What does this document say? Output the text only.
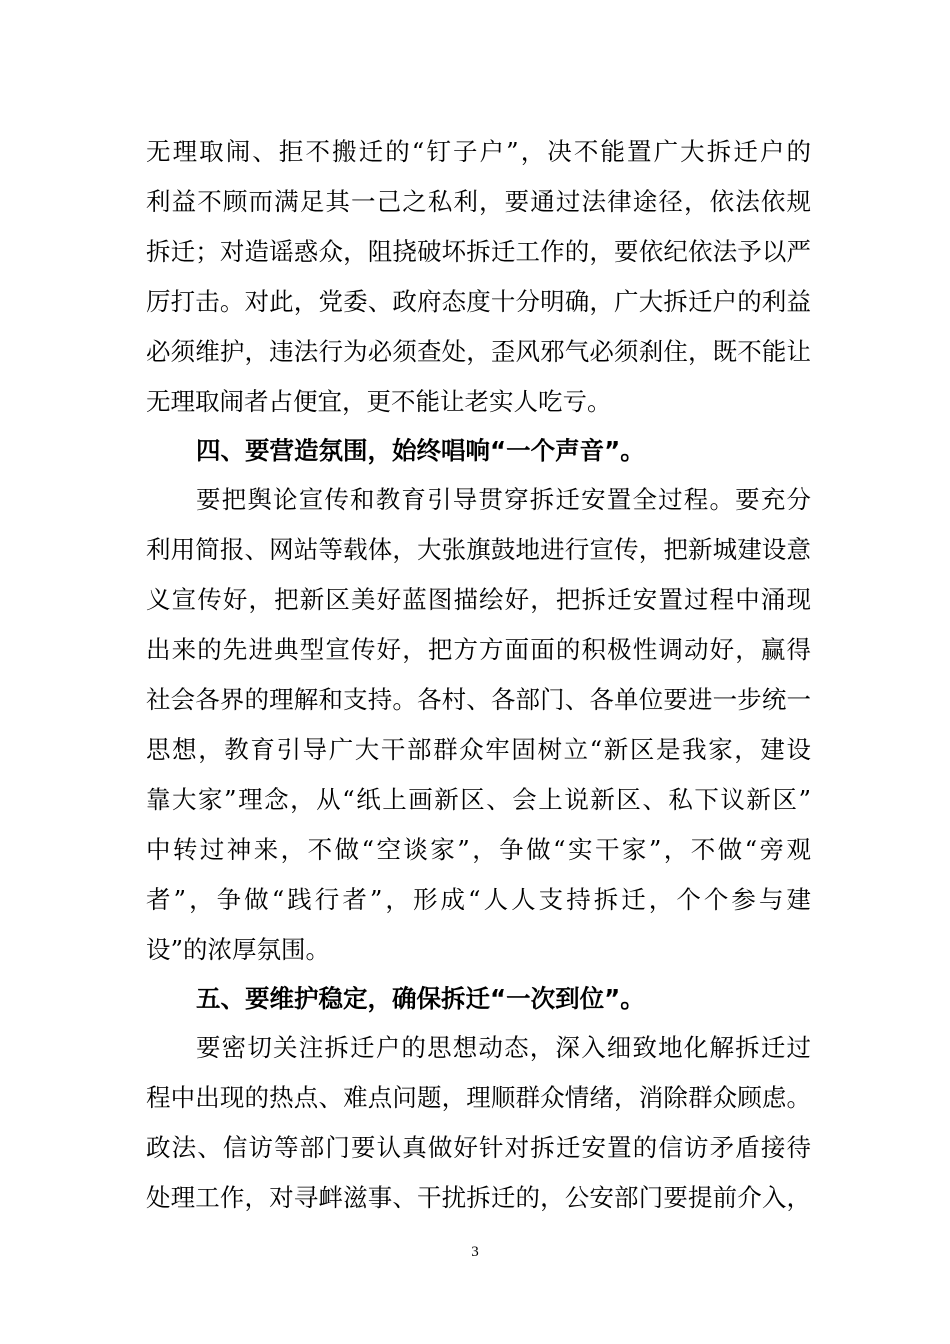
无理取闹、拒不搬迁的“钉子户”，决不能置广大拆迁户的
利益不顾而满足其一己之私利，要通过法律途径，依法依规
拆迁；对造谣惑众，阻挠破坏拆迁工作的，要依纪依法予以严
厉打击。对此，党委、政府态度十分明确，广大拆迁户的利益
必须维护，违法行为必须查处，歪风邪气必须刹住，既不能让
无理取闹者占便宜，更不能让老实人吃亏。
四、要营造氛围，始终唱响“一个声音”。
要把舆论宣传和教育引导贯穿拆迁安置全过程。要充分
利用简报、网站等载体，大张旗鼓地进行宣传，把新城建设意
义宣传好，把新区美好蓝图描绘好，把拆迁安置过程中涌现
出来的先进典型宣传好，把方方面面的积极性调动好，赢得
社会各界的理解和支持。各村、各部门、各单位要进一步统一
思想，教育引导广大干部群众牢固树立“新区是我家，建设
靠大家”理念，从“纸上画新区、会上说新区、私下议新区”
中转过神来，不做“空谈家”，争做“实干家”，不做“旁观
者”，争做“践行者”，形成“人人支持拆迁，个个参与建
设”的浓厚氛围。
五、要维护稳定，确保拆迁“一次到位”。
要密切关注拆迁户的思想动态，深入细致地化解拆迁过
程中出现的热点、难点问题，理顺群众情绪，消除群众顾虑。
政法、信访等部门要认真做好针对拆迁安置的信访矛盾接待
处理工作，对寻衅滋事、干扰拆迁的，公安部门要提前介入，
3
